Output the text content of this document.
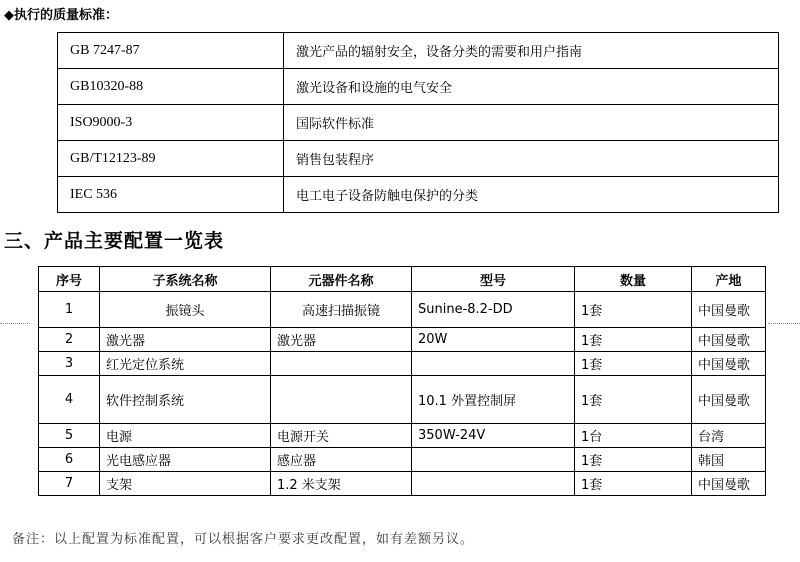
◆执行的质量标准：
GB 7247-87	激光产品的辐射安全，设备分类的需要和用户指南
GB10320-88	激光设备和设施的电气安全
ISO9000-3	国际软件标准
GB/T12123-89	销售包装程序
IEC 536	电工电子设备防触电保护的分类
三、产品主要配置一览表
序号	子系统名称	元器件名称	型号	数量	产地
1	振镜头	高速扫描振镜	Sunine-8.2-DD	1套	中国曼歌
2	激光器	激光器	20W	1套	中国曼歌
3	红光定位系统			1套	中国曼歌
4	软件控制系统		10.1 外置控制屏	1套	中国曼歌
5	电源	电源开关	350W-24V	1台	台湾
6	光电感应器	感应器		1套	韩国
7	支架	1.2 米支架		1套	中国曼歌
备注：以上配置为标准配置，可以根据客户要求更改配置，如有差额另议。
